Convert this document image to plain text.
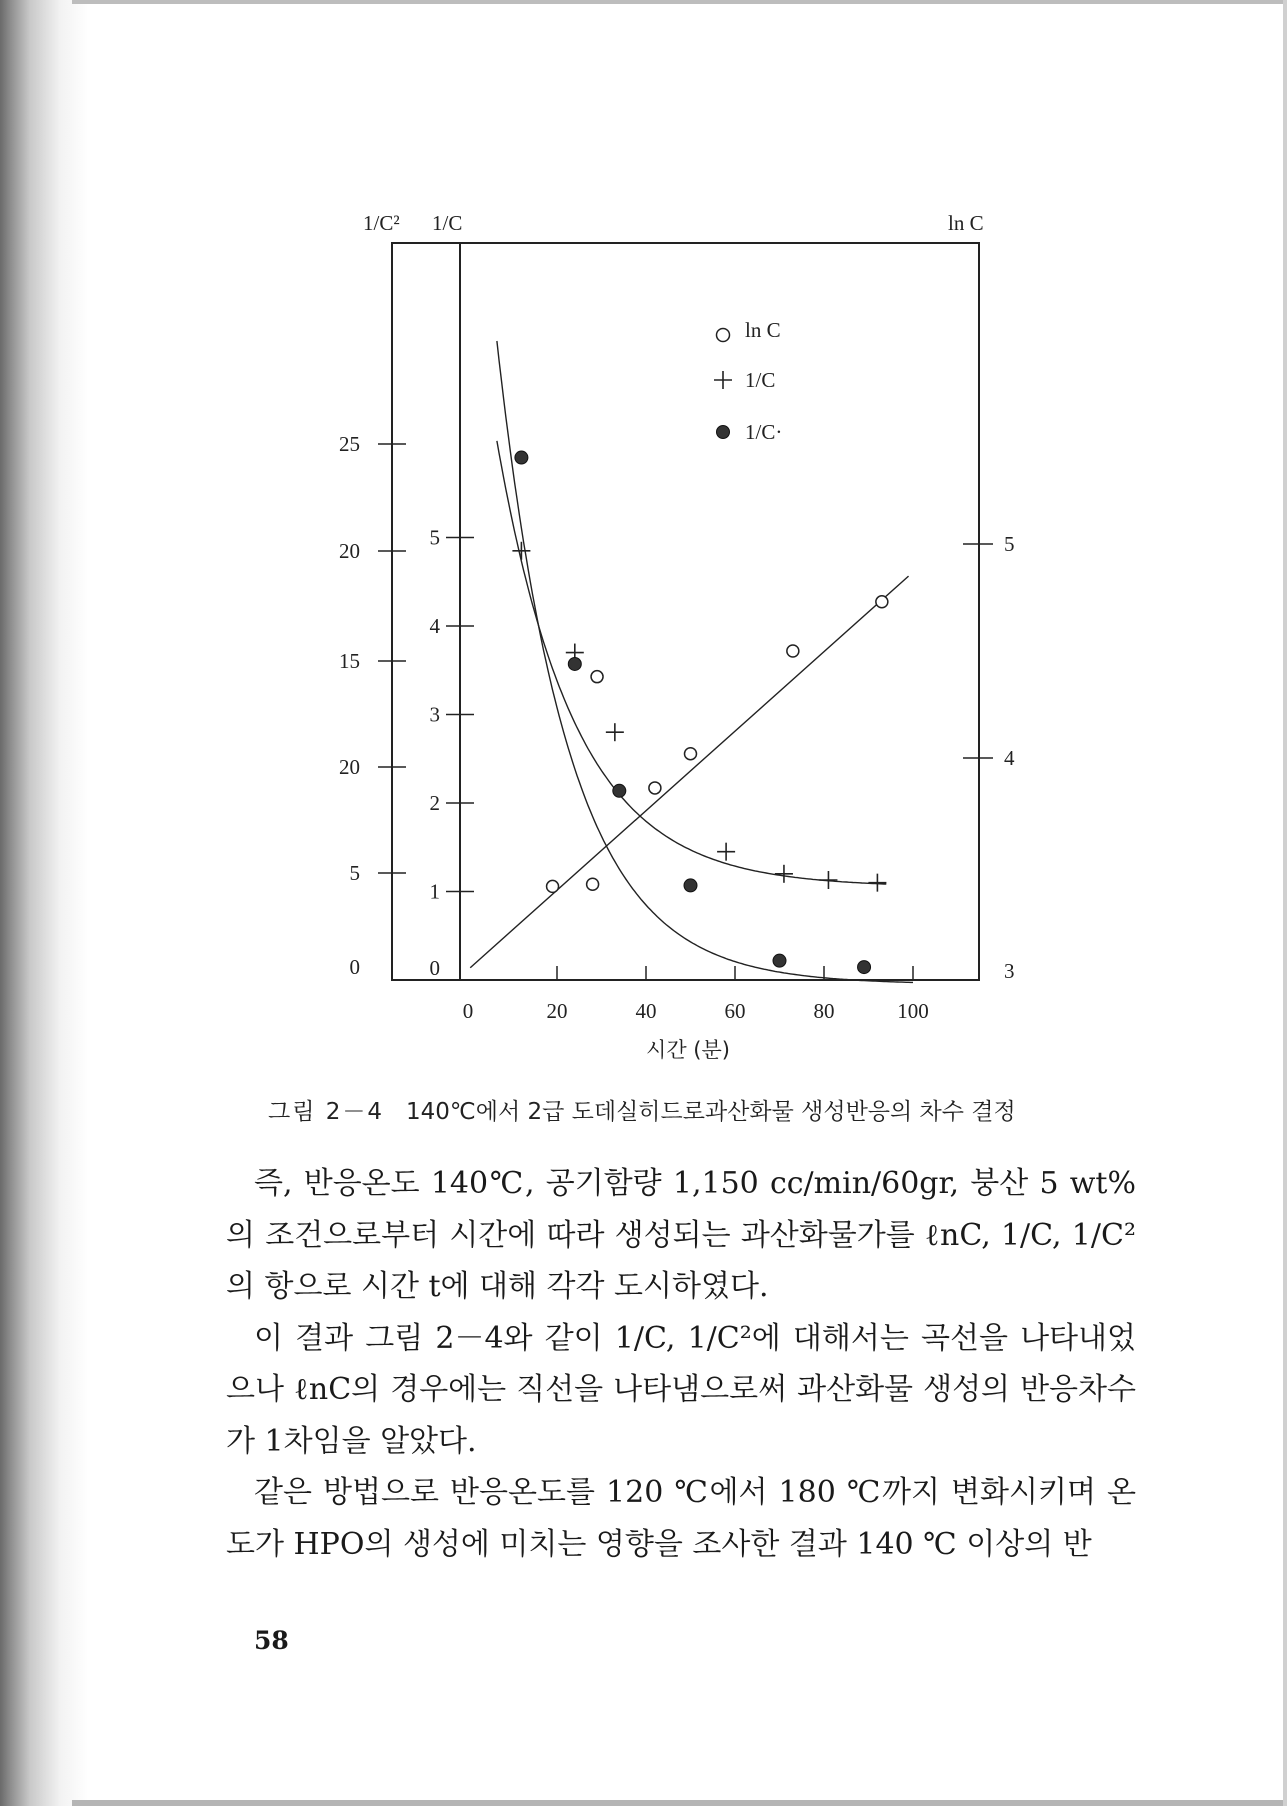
1/C² 1/C	ln C
0	20	40	60	80	100
25
20
15
20
5
0
5
4
3
2
1
0
5
4
3
ln C
1/C
1/C·
시간 (분)
그림 2－4 140℃에서 2급 도데실히드로과산화물 생성반응의 차수 결정

즉, 반응온도 140℃, 공기함량 1,150 cc/min/60gr, 붕산 5 wt% 의 조건으로부터 시간에 따라 생성되는 과산화물가를 ℓnC, 1/C, 1/C²의 항으로 시간 t에 대해 각각 도시하였다.

이 결과 그림 2－4와 같이 1/C, 1/C²에 대해서는 곡선을 나타내었으나 ℓnC의 경우에는 직선을 나타냄으로써 과산화물 생성의 반응차수가 1차임을 알았다.

같은 방법으로 반응온도를 120 ℃에서 180 ℃까지 변화시키며 온도가 HPO의 생성에 미치는 영향을 조사한 결과 140 ℃ 이상의 반

58
